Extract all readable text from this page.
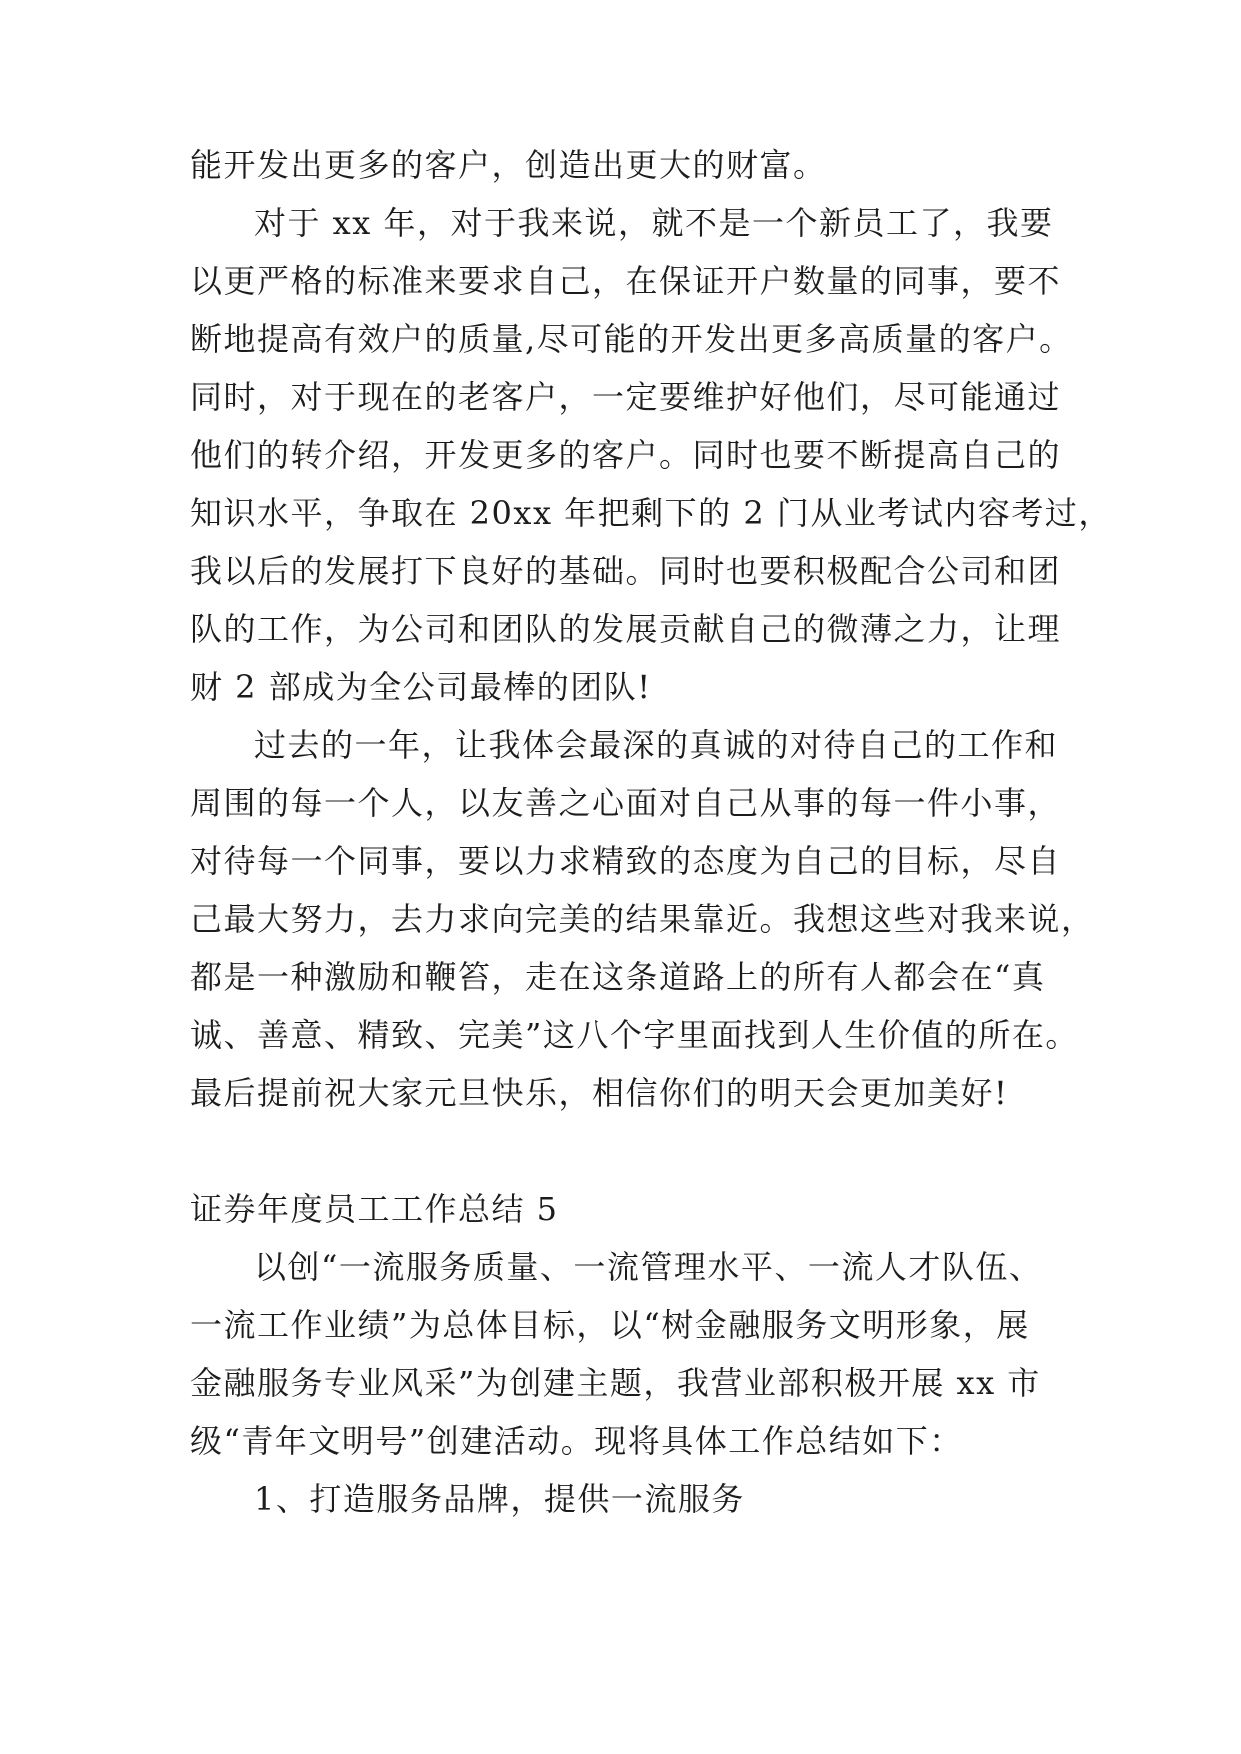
能开发出更多的客户，创造出更大的财富。
对于 xx 年，对于我来说，就不是一个新员工了，我要
以更严格的标准来要求自己，在保证开户数量的同事，要不
断地提高有效户的质量,尽可能的开发出更多高质量的客户。
同时，对于现在的老客户，一定要维护好他们，尽可能通过
他们的转介绍，开发更多的客户。同时也要不断提高自己的
知识水平，争取在 20xx 年把剩下的 2 门从业考试内容考过，
我以后的发展打下良好的基础。同时也要积极配合公司和团
队的工作，为公司和团队的发展贡献自己的微薄之力，让理
财 2 部成为全公司最棒的团队!
过去的一年，让我体会最深的真诚的对待自己的工作和
周围的每一个人，以友善之心面对自己从事的每一件小事，
对待每一个同事，要以力求精致的态度为自己的目标，尽自
己最大努力，去力求向完美的结果靠近。我想这些对我来说，
都是一种激励和鞭笞，走在这条道路上的所有人都会在“真
诚、善意、精致、完美”这八个字里面找到人生价值的所在。
最后提前祝大家元旦快乐，相信你们的明天会更加美好!
证券年度员工工作总结 5
以创“一流服务质量、一流管理水平、一流人才队伍、
一流工作业绩”为总体目标，以“树金融服务文明形象，展
金融服务专业风采”为创建主题，我营业部积极开展 xx 市
级“青年文明号”创建活动。现将具体工作总结如下：
1、打造服务品牌，提供一流服务
